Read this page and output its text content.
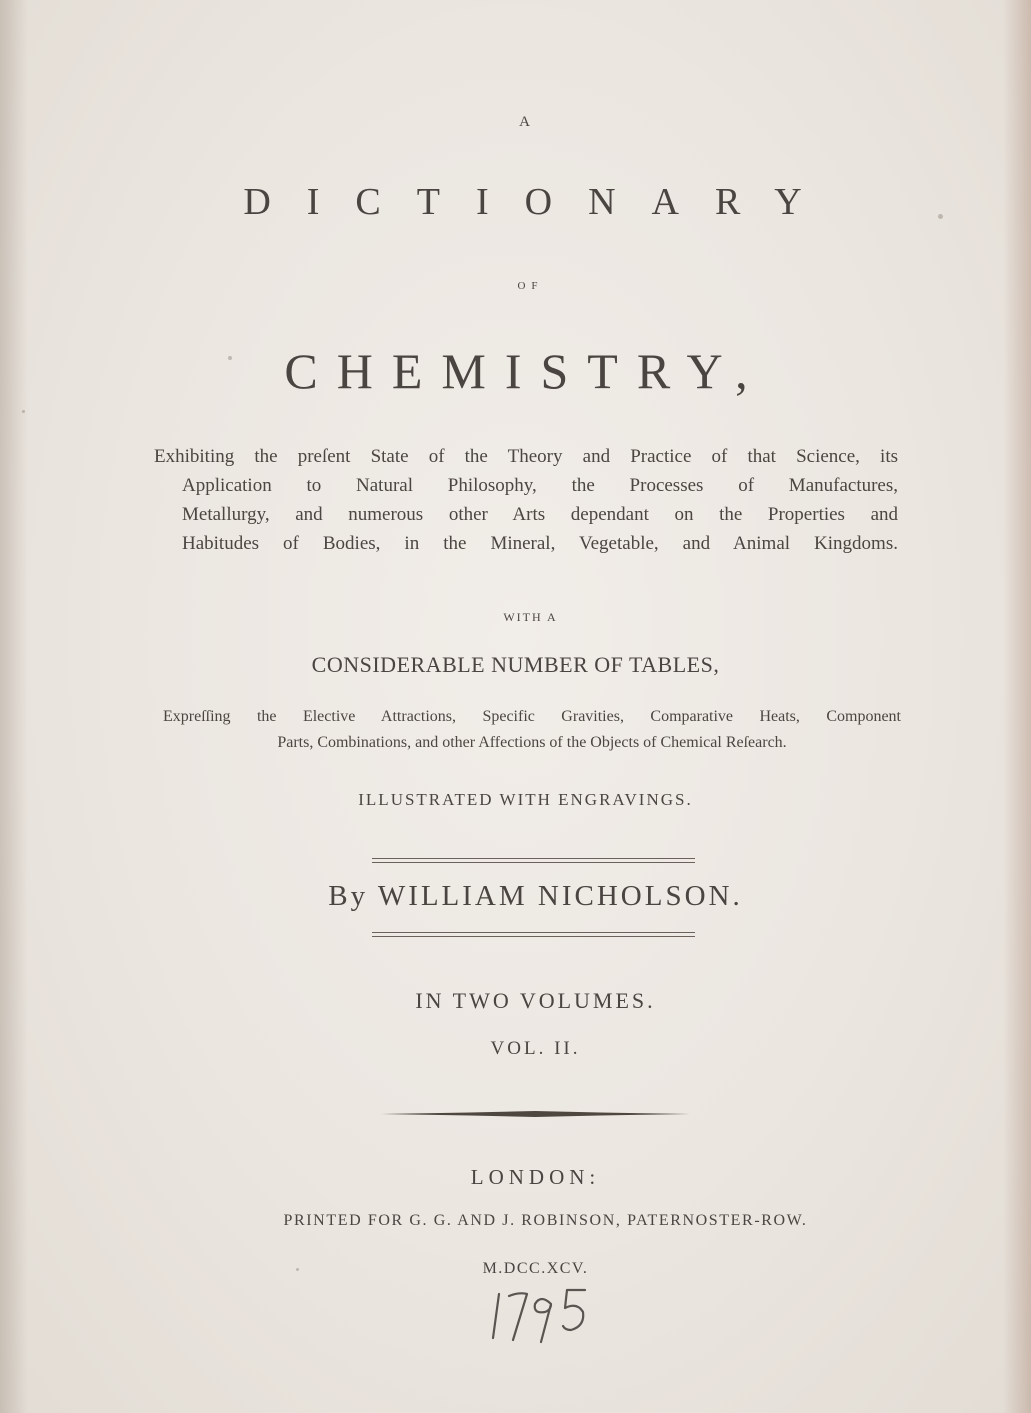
A
DICTIONARY
OF
CHEMISTRY,
Exhibiting the preſent State of the Theory and Practice of that Science, its
Application to Natural Philosophy, the Processes of Manufactures,
Metallurgy, and numerous other Arts dependant on the Properties and
Habitudes of Bodies, in the Mineral, Vegetable, and Animal Kingdoms.
WITH A
CONSIDERABLE NUMBER OF TABLES,
Expreſſing the Elective Attractions, Specific Gravities, Comparative Heats, Component
Parts, Combinations, and other Affections of the Objects of Chemical Reſearch.
ILLUSTRATED WITH ENGRAVINGS.
By WILLIAM NICHOLSON.
IN TWO VOLUMES.
VOL. II.
LONDON:
PRINTED FOR G. G. AND J. ROBINSON, PATERNOSTER-ROW.
M.DCC.XCV.
